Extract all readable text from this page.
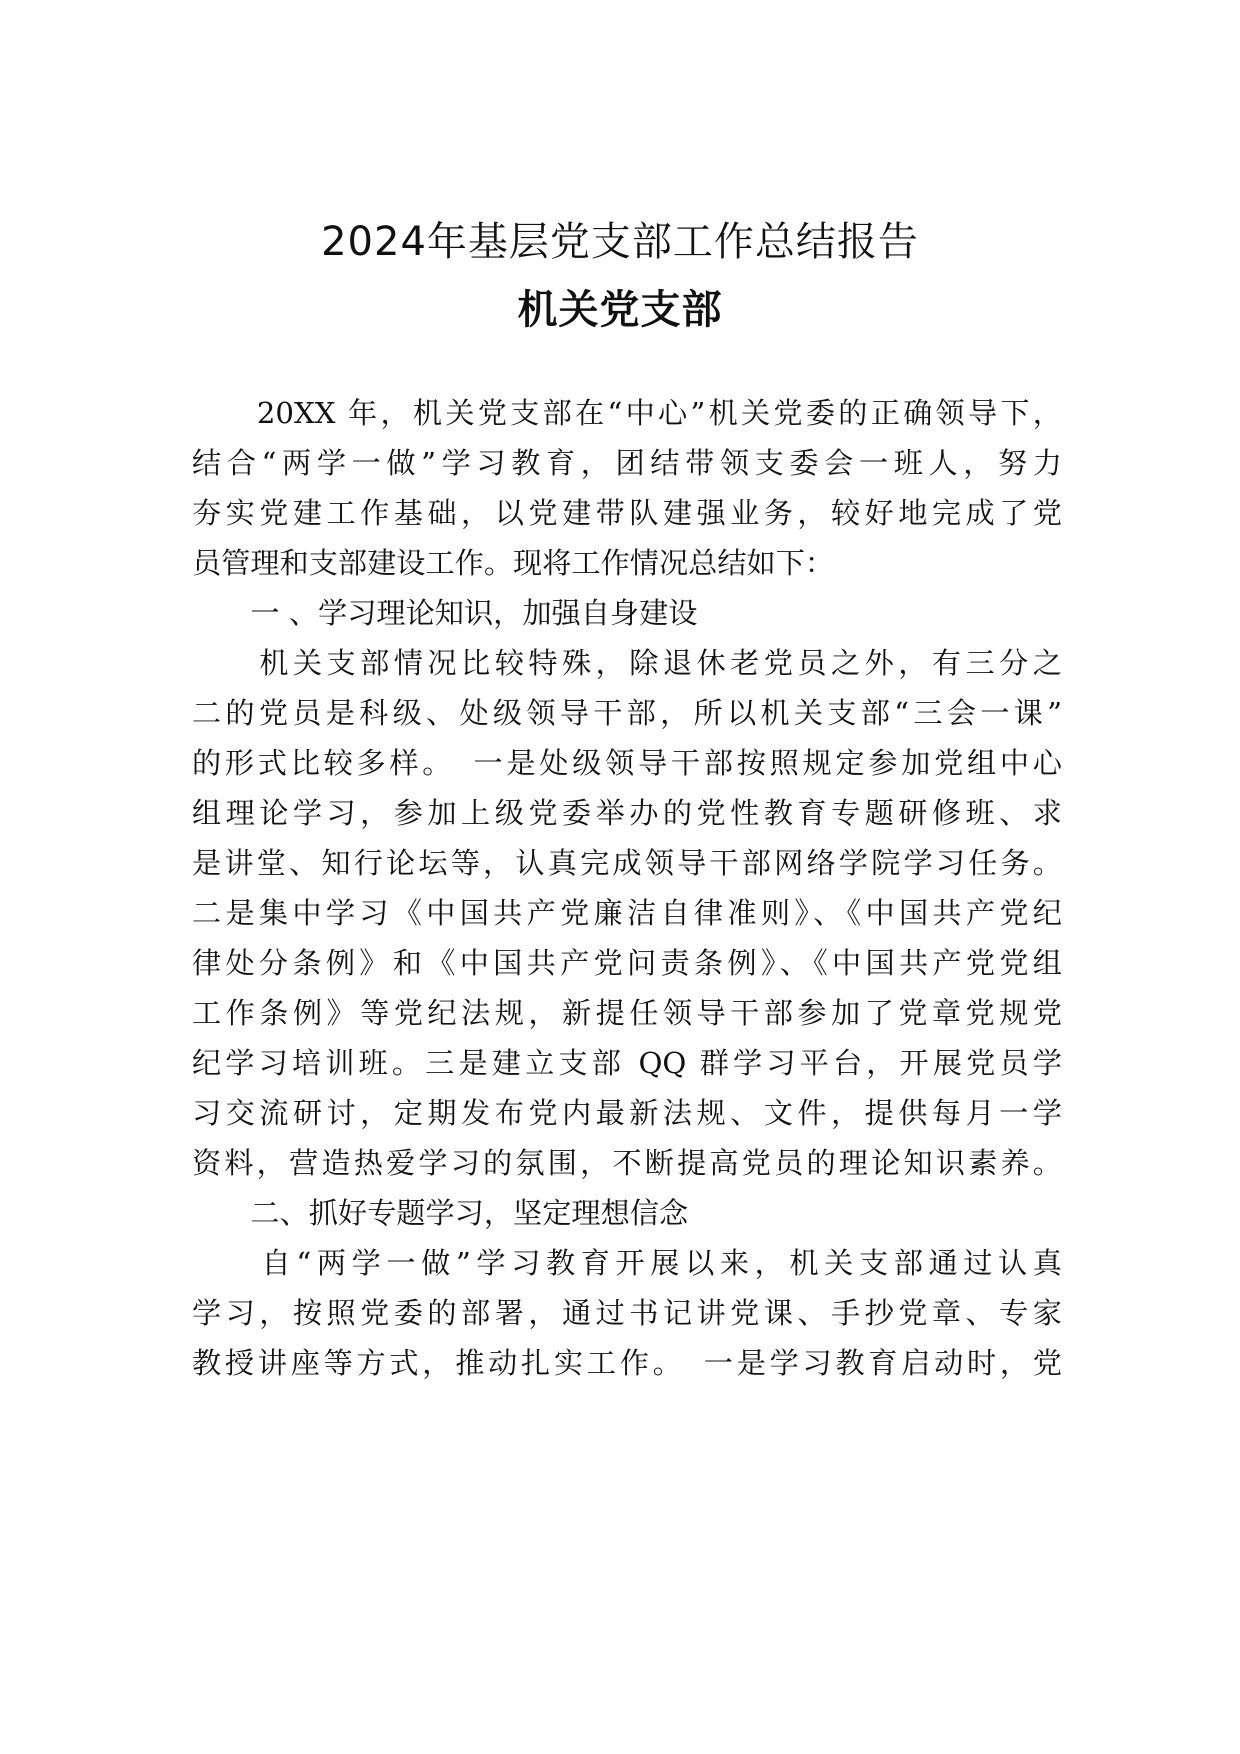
2024年基层党支部工作总结报告
机关党支部
　　20XX 年，机关党支部在“中心”机关党委的正确领导下，
结合“两学一做”学习教育，团结带领支委会一班人，努力
夯实党建工作基础，以党建带队建强业务，较好地完成了党
员管理和支部建设工作。现将工作情况总结如下：
　　一 、学习理论知识，加强自身建设
　　机关支部情况比较特殊，除退休老党员之外，有三分之
二的党员是科级、处级领导干部，所以机关支部“三会一课”
的形式比较多样。　一是处级领导干部按照规定参加党组中心
组理论学习，参加上级党委举办的党性教育专题研修班、求
是讲堂、知行论坛等，认真完成领导干部网络学院学习任务。
二是集中学习《中国共产党廉洁自律准则》、《中国共产党纪
律处分条例》和《中国共产党问责条例》、《中国共产党党组
工作条例》等党纪法规，新提任领导干部参加了党章党规党
纪学习培训班。三是建立支部 QQ 群学习平台，开展党员学
习交流研讨，定期发布党内最新法规、文件，提供每月一学
资料，营造热爱学习的氛围，不断提高党员的理论知识素养。
　　二、抓好专题学习，坚定理想信念
　　自“两学一做”学习教育开展以来，机关支部通过认真
学习，按照党委的部署，通过书记讲党课、手抄党章、专家
教授讲座等方式，推动扎实工作。　一是学习教育启动时，党
